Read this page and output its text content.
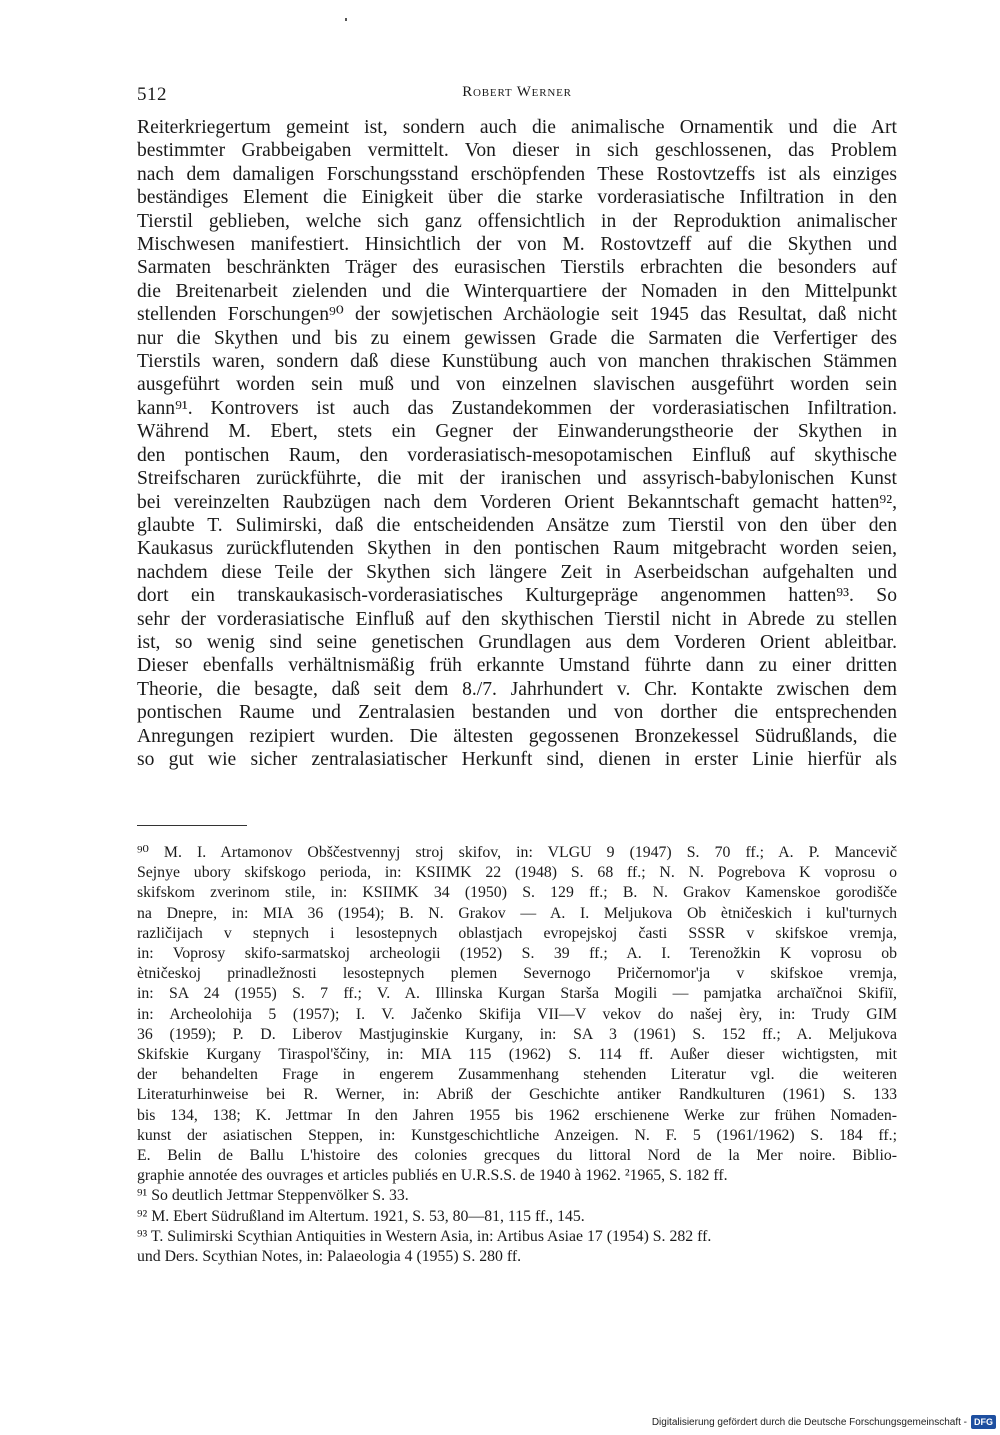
512	Robert Werner
Reiterkriegertum gemeint ist, sondern auch die animalische Ornamentik und die Art
bestimmter Grabbeigaben vermittelt. Von dieser in sich geschlossenen, das Problem
nach dem damaligen Forschungsstand erschöpfenden These Rostovtzeffs ist als einziges
beständiges Element die Einigkeit über die starke vorderasiatische Infiltration in den
Tierstil geblieben, welche sich ganz offensichtlich in der Reproduktion animalischer
Mischwesen manifestiert. Hinsichtlich der von M. Rostovtzeff auf die Skythen und
Sarmaten beschränkten Träger des eurasischen Tierstils erbrachten die besonders auf
die Breitenarbeit zielenden und die Winterquartiere der Nomaden in den Mittelpunkt
stellenden Forschungen⁹⁰ der sowjetischen Archäologie seit 1945 das Resultat, daß nicht
nur die Skythen und bis zu einem gewissen Grade die Sarmaten die Verfertiger des
Tierstils waren, sondern daß diese Kunstübung auch von manchen thrakischen Stämmen
ausgeführt worden sein muß und von einzelnen slavischen ausgeführt worden sein
kann⁹¹. Kontrovers ist auch das Zustandekommen der vorderasiatischen Infiltration.
Während M. Ebert, stets ein Gegner der Einwanderungstheorie der Skythen in
den pontischen Raum, den vorderasiatisch-mesopotamischen Einfluß auf skythische
Streifscharen zurückführte, die mit der iranischen und assyrisch-babylonischen Kunst
bei vereinzelten Raubzügen nach dem Vorderen Orient Bekanntschaft gemacht hatten⁹²,
glaubte T. Sulimirski, daß die entscheidenden Ansätze zum Tierstil von den über den
Kaukasus zurückflutenden Skythen in den pontischen Raum mitgebracht worden seien,
nachdem diese Teile der Skythen sich längere Zeit in Aserbeidschan aufgehalten und
dort ein transkaukasisch-vorderasiatisches Kulturgepräge angenommen hatten⁹³. So
sehr der vorderasiatische Einfluß auf den skythischen Tierstil nicht in Abrede zu stellen
ist, so wenig sind seine genetischen Grundlagen aus dem Vorderen Orient ableitbar.
Dieser ebenfalls verhältnismäßig früh erkannte Umstand führte dann zu einer dritten
Theorie, die besagte, daß seit dem 8./7. Jahrhundert v. Chr. Kontakte zwischen dem
pontischen Raume und Zentralasien bestanden und von dorther die entsprechenden
Anregungen rezipiert wurden. Die ältesten gegossenen Bronzekessel Südrußlands, die
so gut wie sicher zentralasiatischer Herkunft sind, dienen in erster Linie hierfür als
⁹⁰ M. I. Artamonov Obščestvennyj stroj skifov, in: VLGU 9 (1947) S. 70 ff.; A. P. Mancevič
Sejnye ubory skifskogo perioda, in: KSIIMK 22 (1948) S. 68 ff.; N. N. Pogrebova K voprosu o
skifskom zverinom stile, in: KSIIMK 34 (1950) S. 129 ff.; B. N. Grakov Kamenskoe gorodišče
na Dnepre, in: MIA 36 (1954); B. N. Grakov — A. I. Meljukova Ob ètničeskich i kul'turnych
različijach v stepnych i lesostepnych oblastjach evropejskoj časti SSSR v skifskoe vremja,
in: Voprosy skifo-sarmatskoj archeologii (1952) S. 39 ff.; A. I. Terenožkin K voprosu ob
ètničeskoj prinadležnosti lesostepnych plemen Severnogo Pričernomor'ja v skifskoe vremja,
in: SA 24 (1955) S. 7 ff.; V. A. Illinska Kurgan Starša Mogili — pamjatka archaïčnoi Skifiï,
in: Archeolohija 5 (1957); I. V. Jačenko Skifija VII—V vekov do našej èry, in: Trudy GIM
36 (1959); P. D. Liberov Mastjuginskie Kurgany, in: SA 3 (1961) S. 152 ff.; A. Meljukova
Skifskie Kurgany Tiraspol'ščiny, in: MIA 115 (1962) S. 114 ff. Außer dieser wichtigsten, mit
der behandelten Frage in engerem Zusammenhang stehenden Literatur vgl. die weiteren
Literaturhinweise bei R. Werner, in: Abriß der Geschichte antiker Randkulturen (1961) S. 133
bis 134, 138; K. Jettmar In den Jahren 1955 bis 1962 erschienene Werke zur frühen Nomaden-
kunst der asiatischen Steppen, in: Kunstgeschichtliche Anzeigen. N. F. 5 (1961/1962) S. 184 ff.;
E. Belin de Ballu L'histoire des colonies grecques du littoral Nord de la Mer noire. Biblio-
graphie annotée des ouvrages et articles publiés en U.R.S.S. de 1940 à 1962. ²1965, S. 182 ff.
⁹¹ So deutlich Jettmar Steppenvölker S. 33.
⁹² M. Ebert Südrußland im Altertum. 1921, S. 53, 80—81, 115 ff., 145.
⁹³ T. Sulimirski Scythian Antiquities in Western Asia, in: Artibus Asiae 17 (1954) S. 282 ff.
und Ders. Scythian Notes, in: Palaeologia 4 (1955) S. 280 ff.
Digitalisierung gefördert durch die Deutsche Forschungsgemeinschaft - DFG
